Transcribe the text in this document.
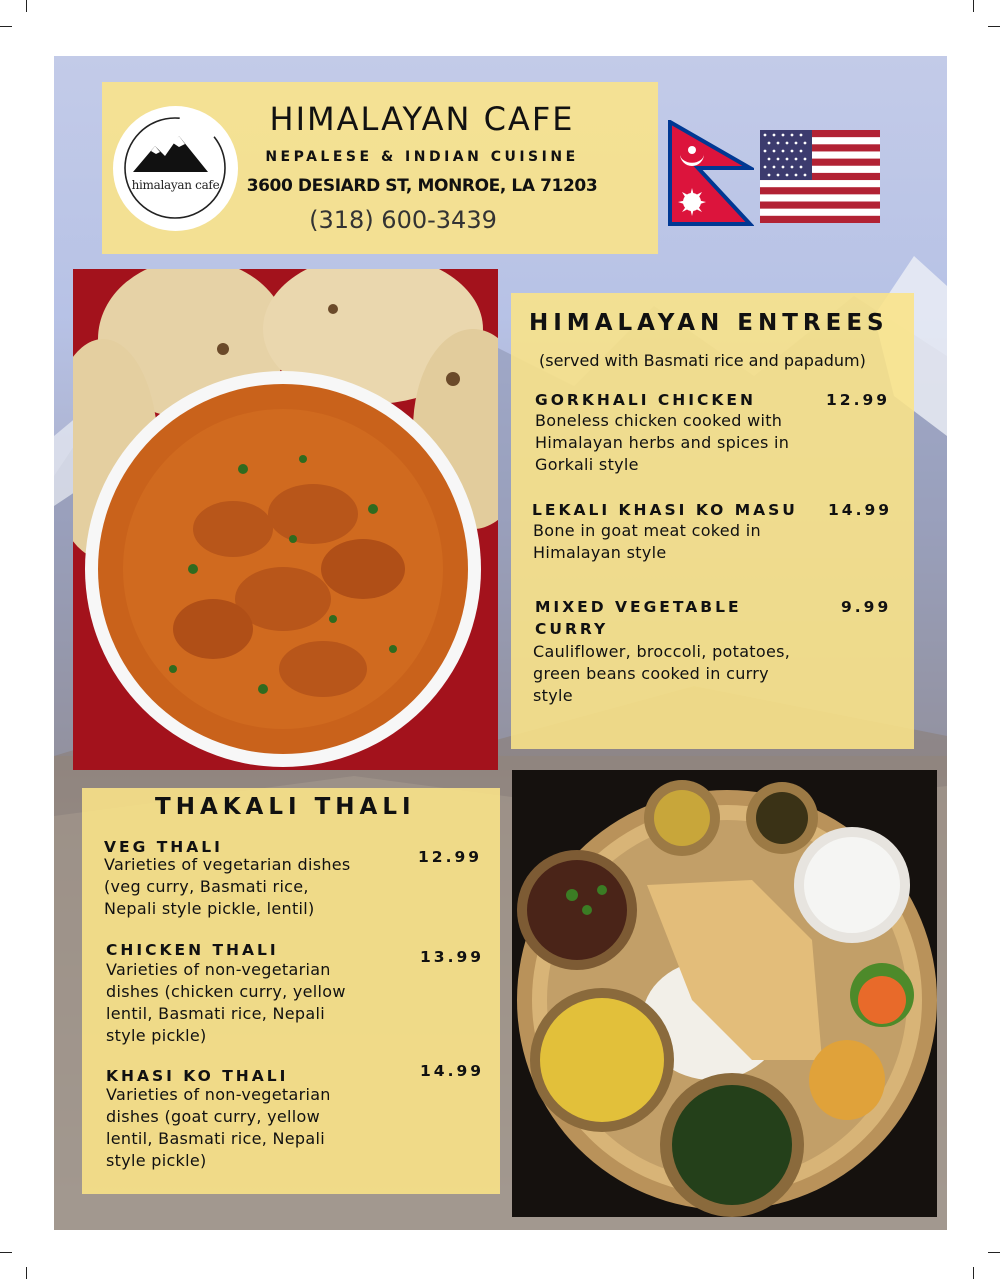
himalayan cafe
HIMALAYAN CAFE
NEPALESE & INDIAN CUISINE
3600 DESIARD ST, MONROE, LA 71203
(318) 600-3439
HIMALAYAN ENTREES
(served with Basmati rice and papadum)
GORKHALI CHICKEN	12.99
Boneless chicken cooked with
Himalayan herbs and spices in
Gorkali style
LEKALI KHASI KO MASU 14.99
Bone in goat meat coked in
Himalayan style
MIXED VEGETABLE
CURRY
9.99
Cauliflower, broccoli, potatoes,
green beans cooked in curry
style
THAKALI THALI
VEG THALI
12.99
Varieties of vegetarian dishes
(veg curry, Basmati rice,
Nepali style pickle, lentil)
CHICKEN THALI	13.99
Varieties of non-vegetarian
dishes (chicken curry, yellow
lentil, Basmati rice, Nepali
style pickle)
KHASI KO THALI	14.99
Varieties of non-vegetarian
dishes (goat curry, yellow
lentil, Basmati rice, Nepali
style pickle)
